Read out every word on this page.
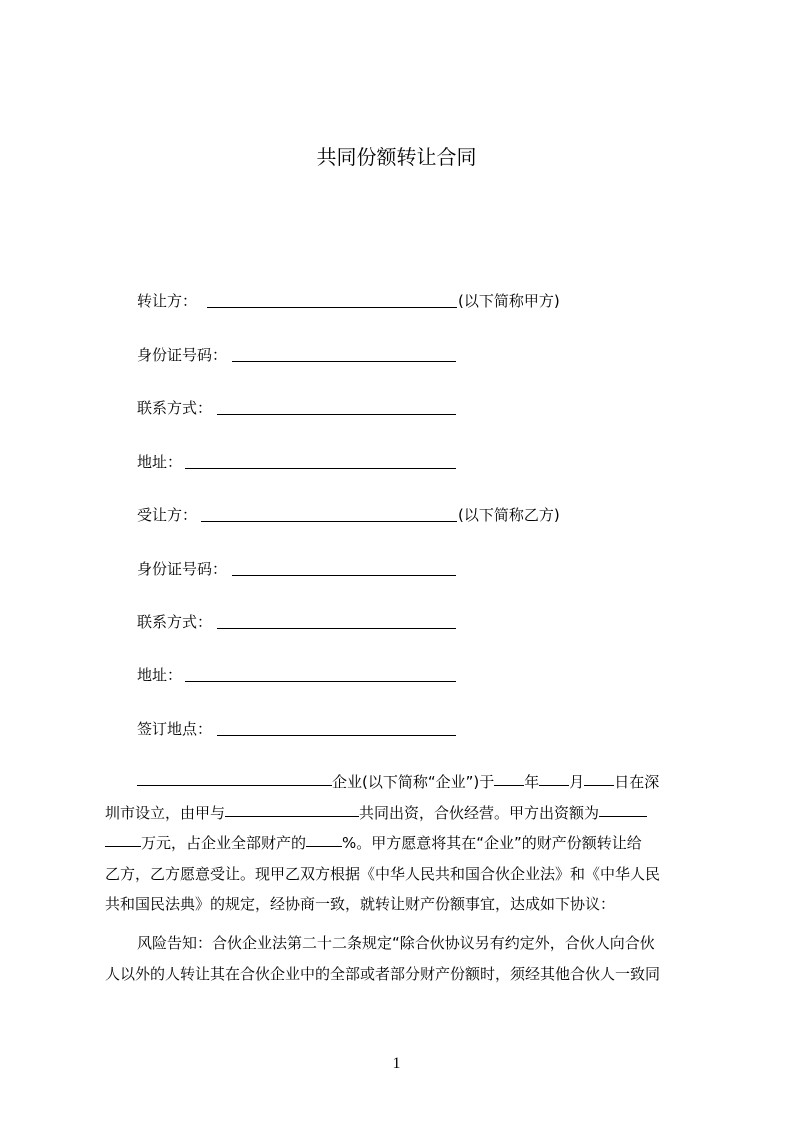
共同份额转让合同
转让方：	(以下简称甲方)
身份证号码：
联系方式：
地址：
受让方：	(以下简称乙方)
身份证号码：
联系方式：
地址：
签订地点：
企业(以下简称“企业”)于 年 月 日在深
圳市设立，由甲与	共同出资，合伙经营。甲方出资额为
万元，占企业全部财产的 %。甲方愿意将其在“企业”的财产份额转让给
乙方，乙方愿意受让。现甲乙双方根据《中华人民共和国合伙企业法》和《中华人民
共和国民法典》的规定，经协商一致，就转让财产份额事宜，达成如下协议：
风险告知：合伙企业法第二十二条规定“除合伙协议另有约定外，合伙人向合伙
人以外的人转让其在合伙企业中的全部或者部分财产份额时，须经其他合伙人一致同
1
